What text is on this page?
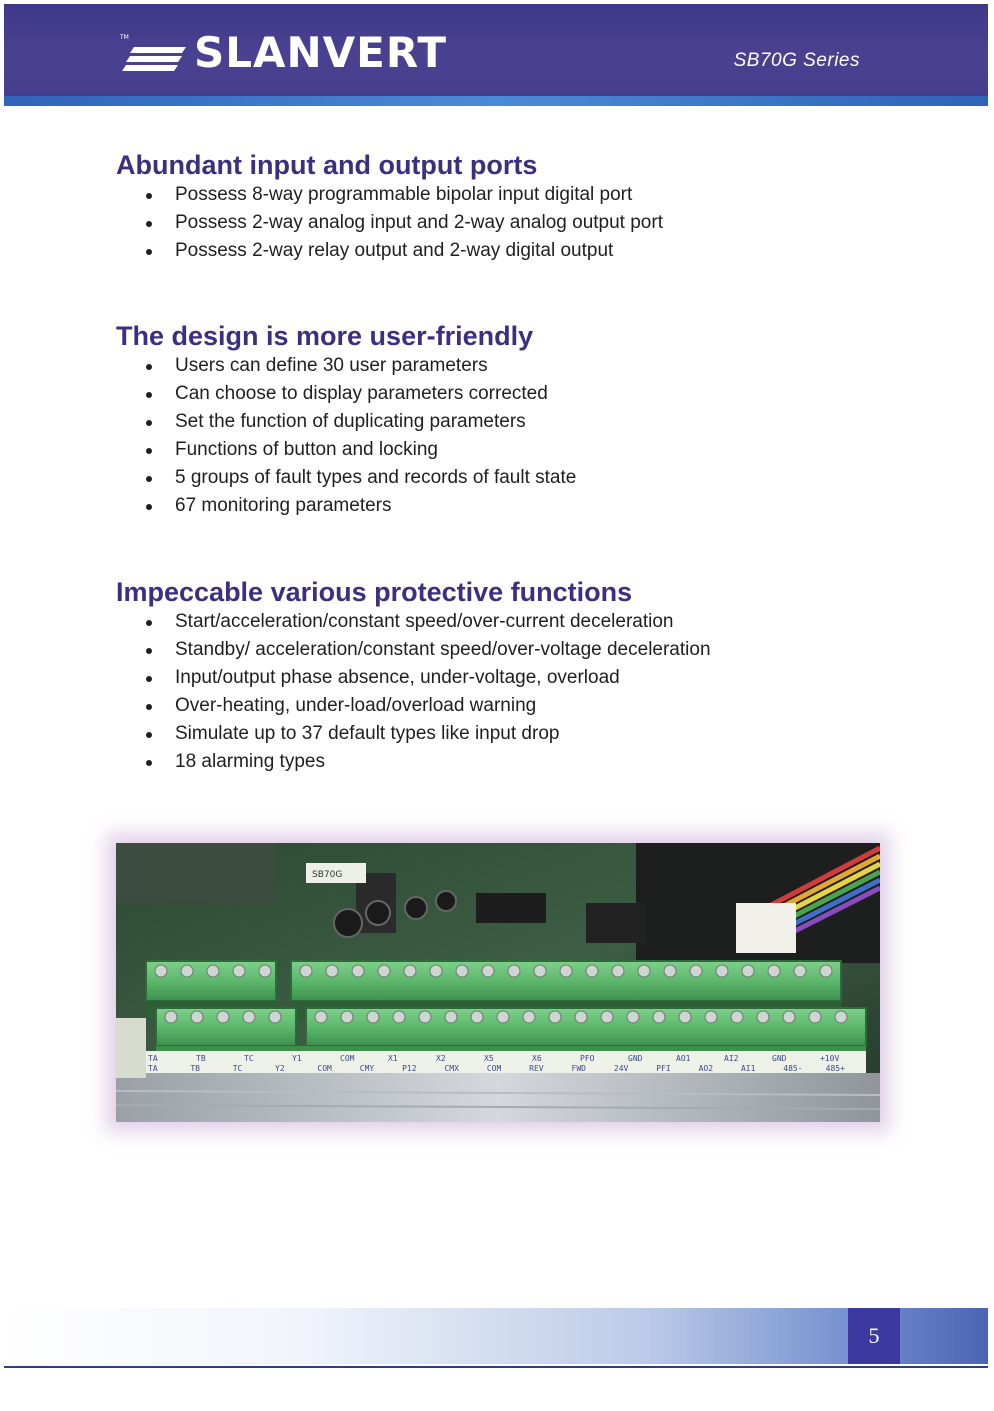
TM SLANVERT	SB70G Series
Abundant input and output ports
Possess 8-way programmable bipolar input digital port
Possess 2-way analog input and 2-way analog output port
Possess 2-way relay output and 2-way digital output
The design is more user-friendly
Users can define 30 user parameters
Can choose to display parameters corrected
Set the function of duplicating parameters
Functions of button and locking
5 groups of fault types and records of fault state
67 monitoring parameters
Impeccable various protective functions
Start/acceleration/constant speed/over-current deceleration
Standby/ acceleration/constant speed/over-voltage deceleration
Input/output phase absence, under-voltage, overload
Over-heating, under-load/overload warning
Simulate up to 37 default types like input drop
18 alarming types
TA	TB	TC	Y1	COM	X1	X2	X5	X6	PFO	GND	AO1	AI2	GND	+10V
TA	TB	TC	Y2	COM	CMY	P12	CMX	COM	REV	FWD	24V	PFI	AO2	AI1	485-	485+
SB70G
5
